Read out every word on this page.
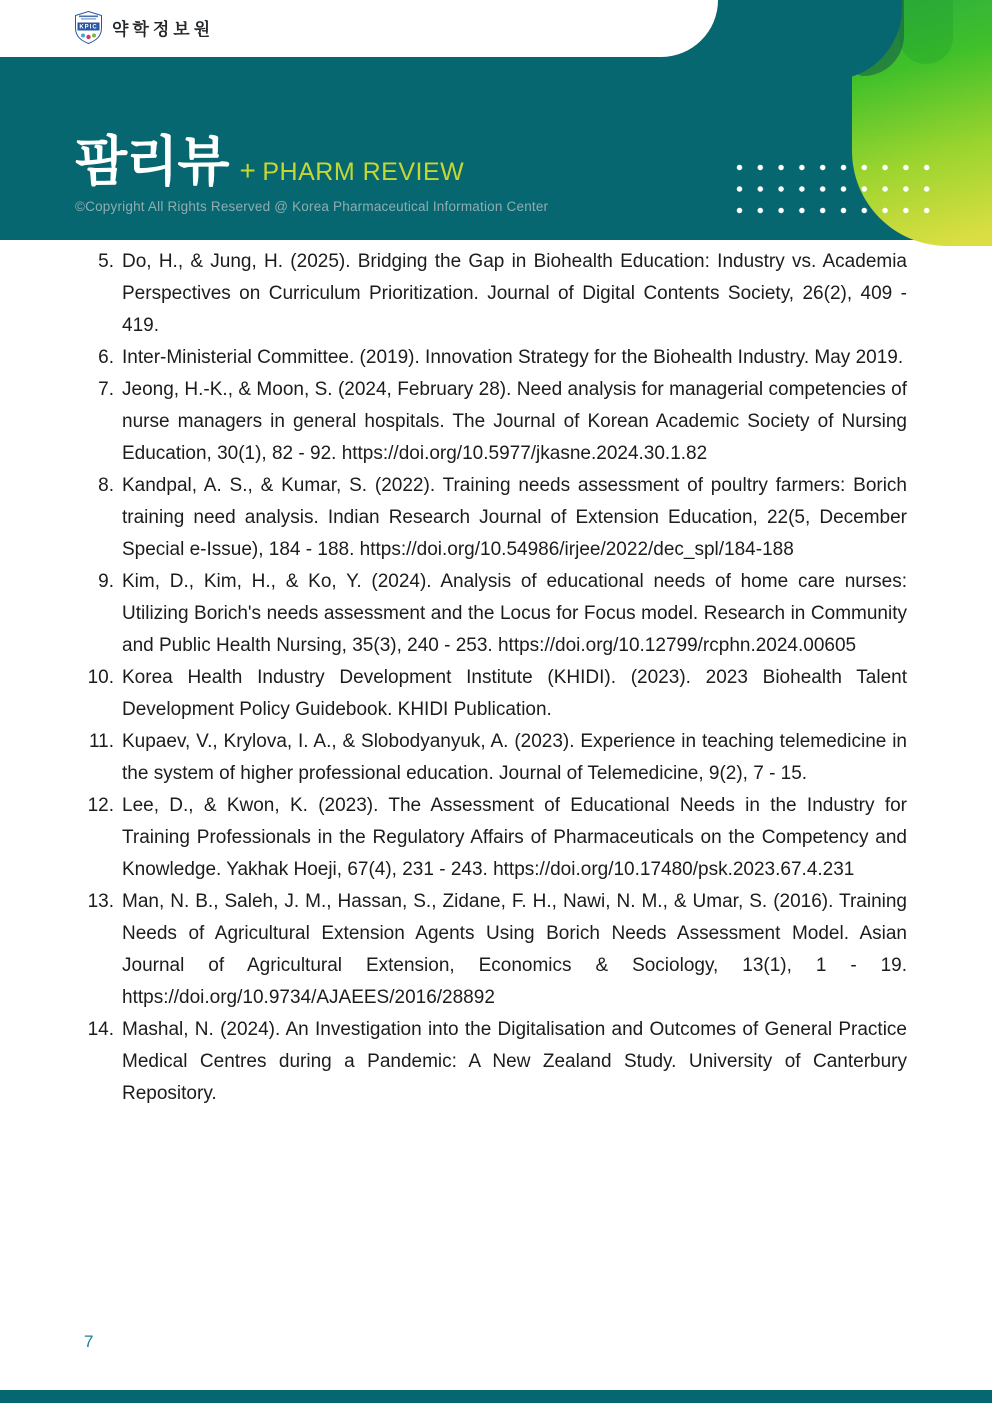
KPIC 약학정보원
팜리뷰 + PHARM REVIEW
©Copyright All Rights Reserved @ Korea Pharmaceutical Information Center
5. Do, H., & Jung, H. (2025). Bridging the Gap in Biohealth Education: Industry vs. Academia Perspectives on Curriculum Prioritization. Journal of Digital Contents Society, 26(2), 409 - 419.
6. Inter-Ministerial Committee. (2019). Innovation Strategy for the Biohealth Industry. May 2019.
7. Jeong, H.-K., & Moon, S. (2024, February 28). Need analysis for managerial competencies of nurse managers in general hospitals. The Journal of Korean Academic Society of Nursing Education, 30(1), 82 - 92. https://doi.org/10.5977/jkasne.2024.30.1.82
8. Kandpal, A. S., & Kumar, S. (2022). Training needs assessment of poultry farmers: Borich training need analysis. Indian Research Journal of Extension Education, 22(5, December Special e-Issue), 184 - 188. https://doi.org/10.54986/irjee/2022/dec_spl/184-188
9. Kim, D., Kim, H., & Ko, Y. (2024). Analysis of educational needs of home care nurses: Utilizing Borich's needs assessment and the Locus for Focus model. Research in Community and Public Health Nursing, 35(3), 240 - 253. https://doi.org/10.12799/rcphn.2024.00605
10. Korea Health Industry Development Institute (KHIDI). (2023). 2023 Biohealth Talent Development Policy Guidebook. KHIDI Publication.
11. Kupaev, V., Krylova, I. A., & Slobodyanyuk, A. (2023). Experience in teaching telemedicine in the system of higher professional education. Journal of Telemedicine, 9(2), 7 - 15.
12. Lee, D., & Kwon, K. (2023). The Assessment of Educational Needs in the Industry for Training Professionals in the Regulatory Affairs of Pharmaceuticals on the Competency and Knowledge. Yakhak Hoeji, 67(4), 231 - 243. https://doi.org/10.17480/psk.2023.67.4.231
13. Man, N. B., Saleh, J. M., Hassan, S., Zidane, F. H., Nawi, N. M., & Umar, S. (2016). Training Needs of Agricultural Extension Agents Using Borich Needs Assessment Model. Asian Journal of Agricultural Extension, Economics & Sociology, 13(1), 1 - 19. https://doi.org/10.9734/AJAEES/2016/28892
14. Mashal, N. (2024). An Investigation into the Digitalisation and Outcomes of General Practice Medical Centres during a Pandemic: A New Zealand Study. University of Canterbury Repository.
7
